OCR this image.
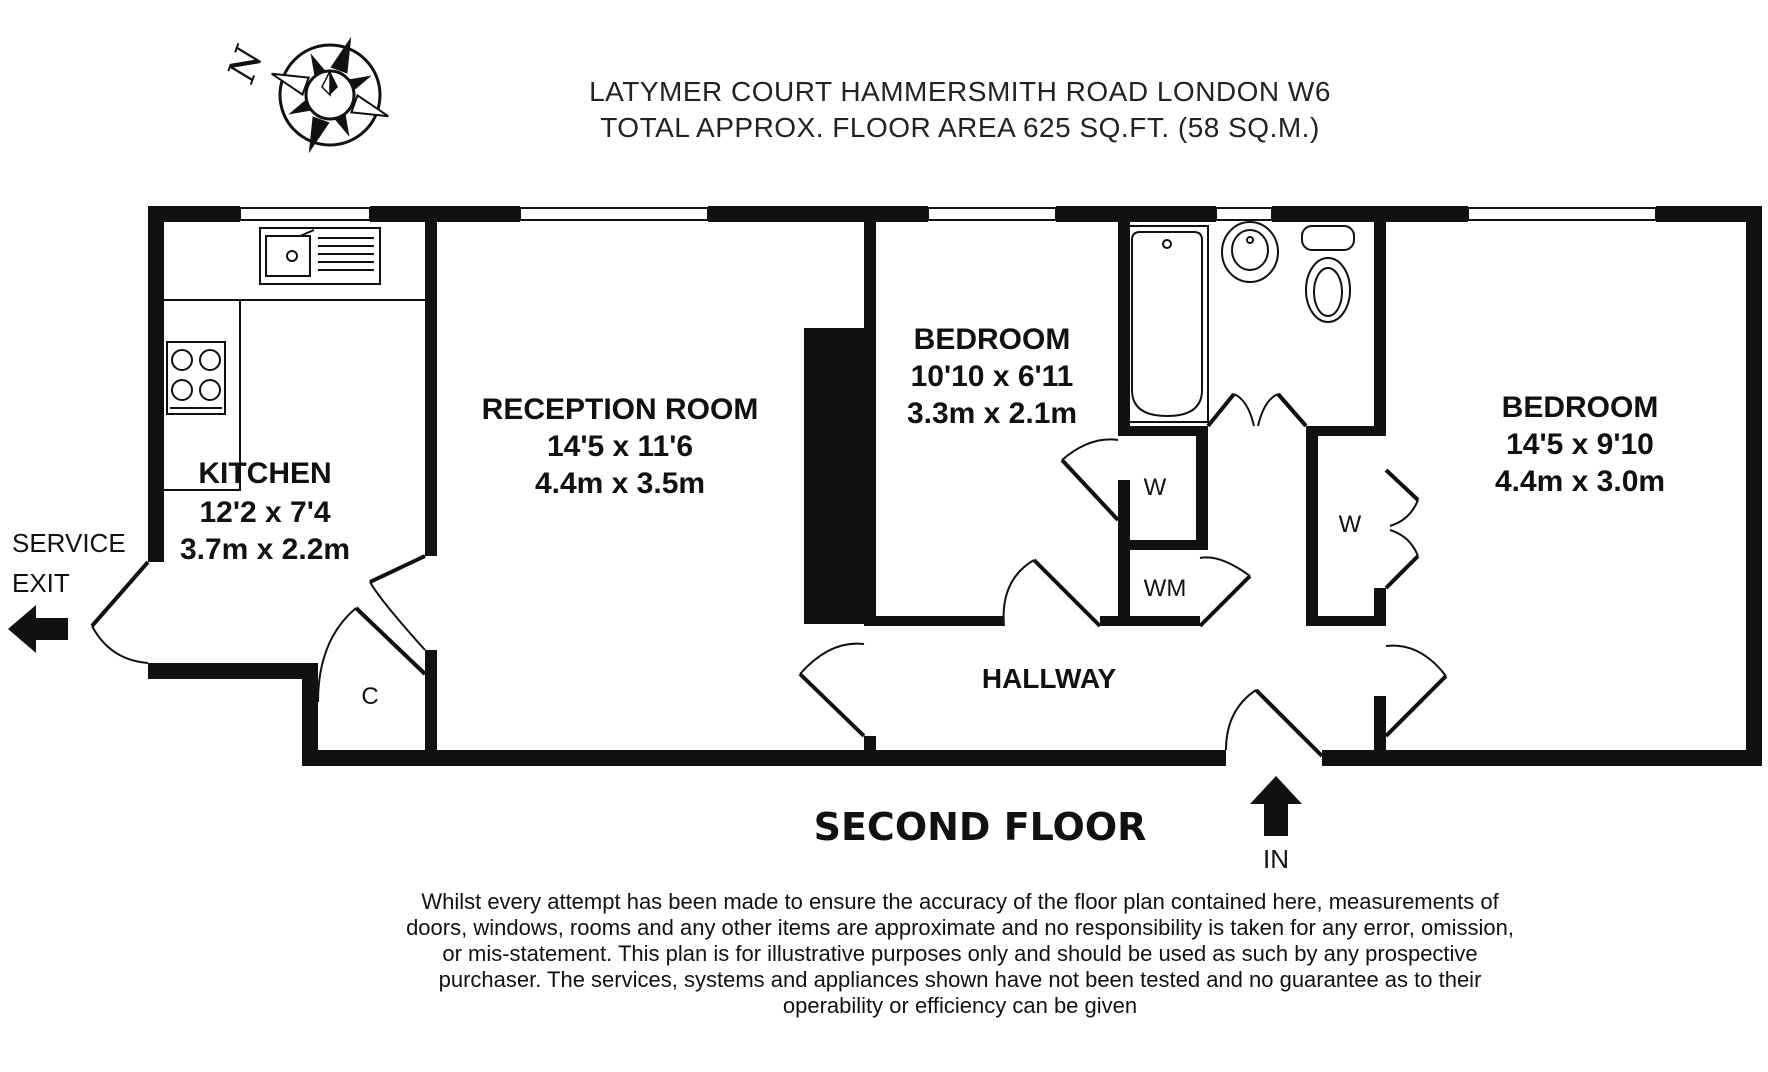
N
KITCHEN
12'2 x 7'4
3.7m x 2.2m
RECEPTION ROOM
14'5 x 11'6
4.4m x 3.5m
BEDROOM
10'10 x 6'11
3.3m x 2.1m	BEDROOM
14'5 x 9'10
4.4m x 3.0m
HALLWAY
W
W
WM
C
SERVICE
EXIT
IN
LATYMER COURT HAMMERSMITH ROAD LONDON W6
TOTAL APPROX. FLOOR AREA 625 SQ.FT. (58 SQ.M.)
SECOND FLOOR
Whilst every attempt has been made to ensure the accuracy of the floor plan contained here, measurements of doors, windows, rooms and any other items are approximate and no responsibility is taken for any error, omission, or mis-statement. This plan is for illustrative purposes only and should be used as such by any prospective purchaser. The services, systems and appliances shown have not been tested and no guarantee as to their operability or efficiency can be given
